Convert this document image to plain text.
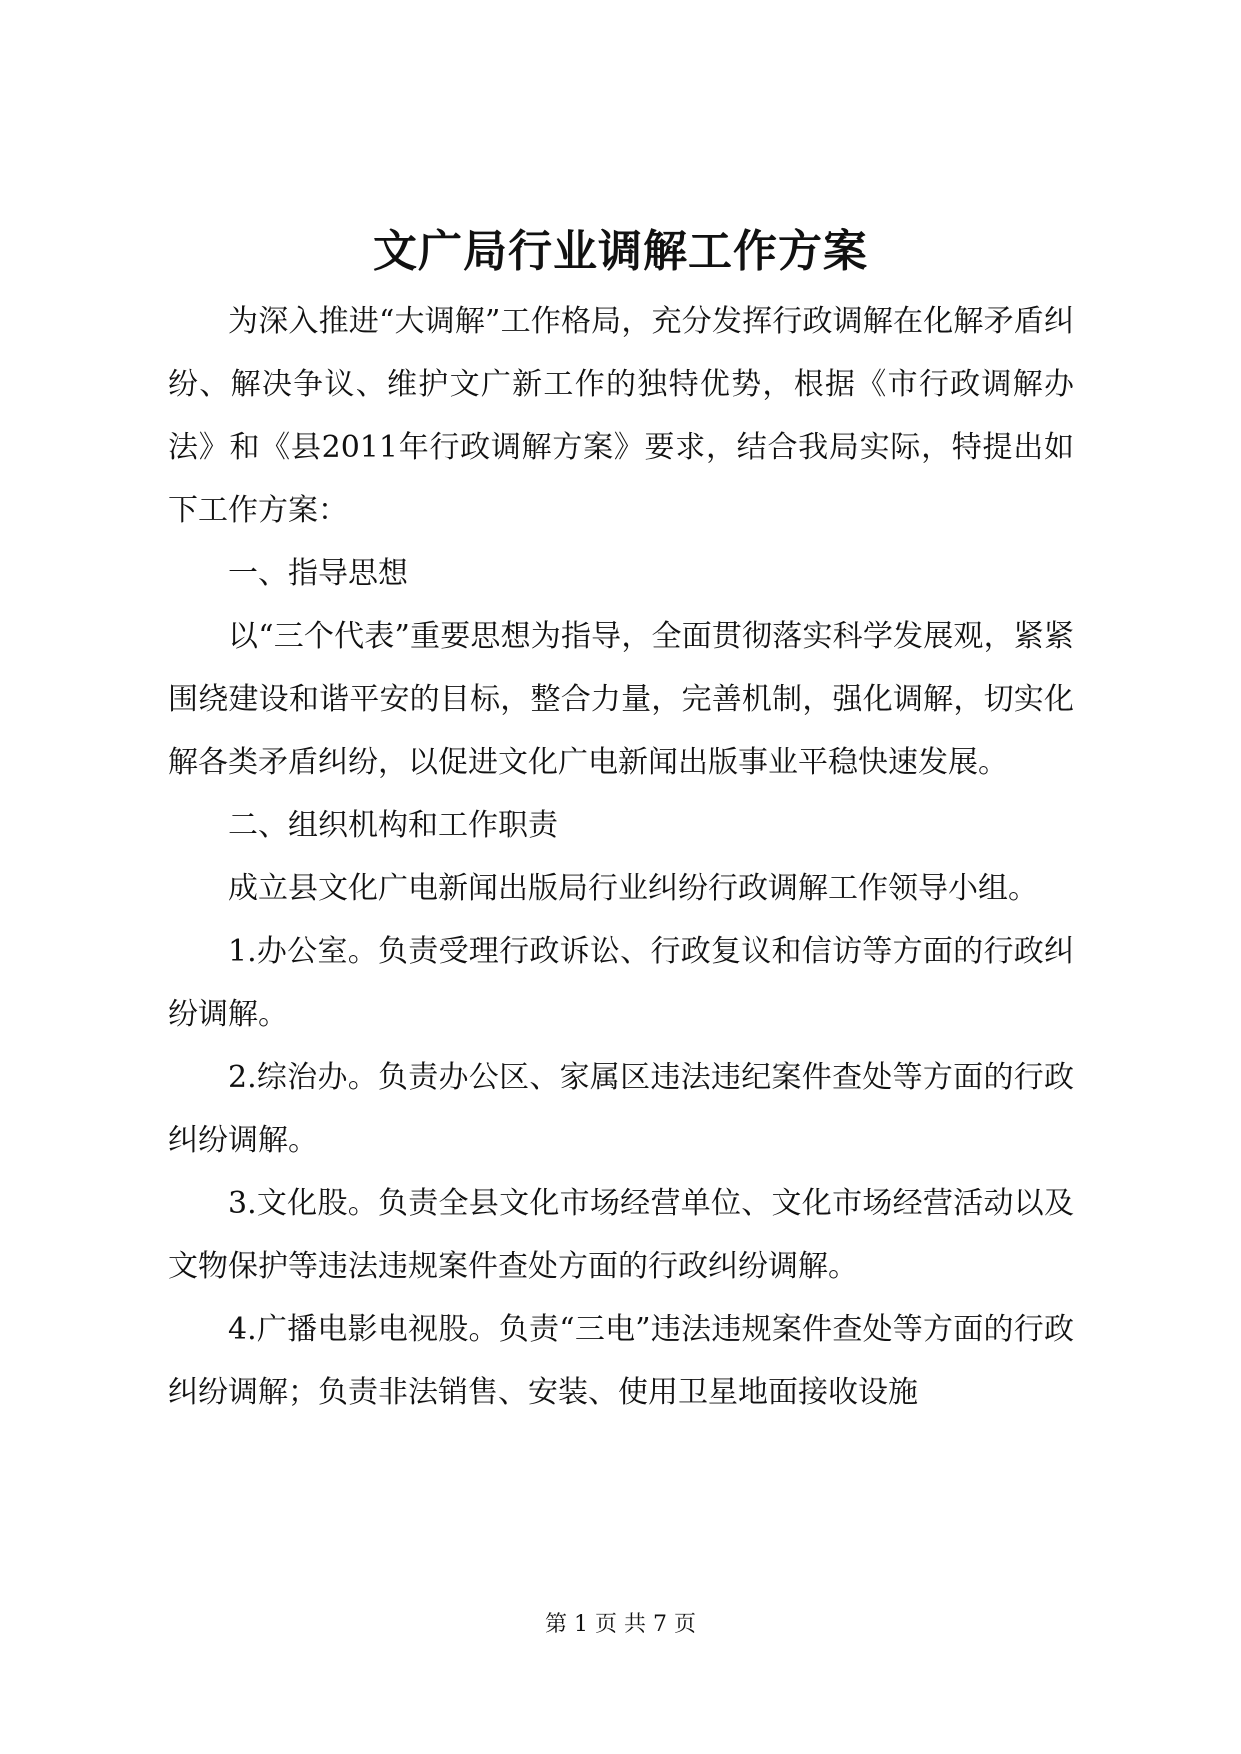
文广局行业调解工作方案

为深入推进“大调解”工作格局，充分发挥行政调解在化解矛盾纠纷、解决争议、维护文广新工作的独特优势，根据《市行政调解办法》和《县2011年行政调解方案》要求，结合我局实际，特提出如下工作方案：

一、指导思想

以“三个代表”重要思想为指导，全面贯彻落实科学发展观，紧紧围绕建设和谐平安的目标，整合力量，完善机制，强化调解，切实化解各类矛盾纠纷，以促进文化广电新闻出版事业平稳快速发展。

二、组织机构和工作职责

成立县文化广电新闻出版局行业纠纷行政调解工作领导小组。

1.办公室。负责受理行政诉讼、行政复议和信访等方面的行政纠纷调解。

2.综治办。负责办公区、家属区违法违纪案件查处等方面的行政纠纷调解。

3.文化股。负责全县文化市场经营单位、文化市场经营活动以及文物保护等违法违规案件查处方面的行政纠纷调解。

4.广播电影电视股。负责“三电”违法违规案件查处等方面的行政纠纷调解；负责非法销售、安装、使用卫星地面接收设施

第 1 页 共 7 页
